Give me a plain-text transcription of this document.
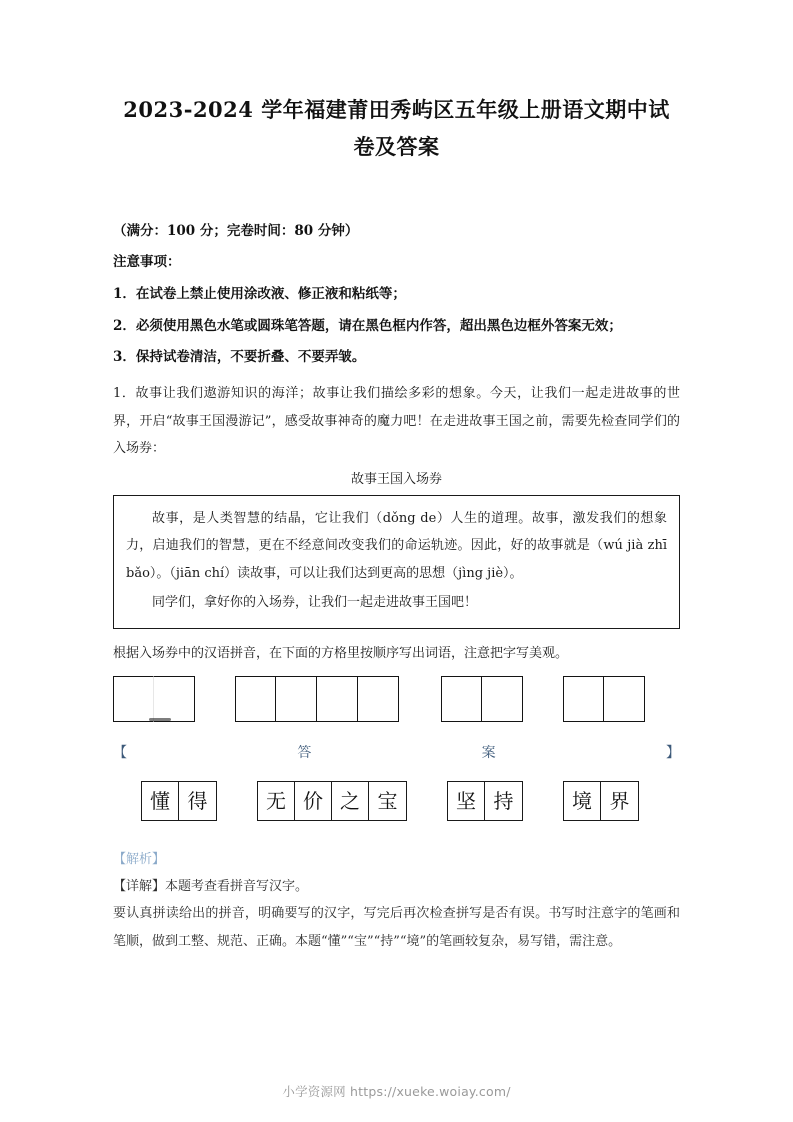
2023-2024 学年福建莆田秀屿区五年级上册语文期中试卷及答案
（满分：100 分；完卷时间：80 分钟）
注意事项：
1．在试卷上禁止使用涂改液、修正液和粘纸等；
2．必须使用黑色水笔或圆珠笔答题，请在黑色框内作答，超出黑色边框外答案无效；
3．保持试卷清洁，不要折叠、不要弄皱。
1．故事让我们遨游知识的海洋；故事让我们描绘多彩的想象。今天，让我们一起走进故事的世界，开启“故事王国漫游记”，感受故事神奇的魔力吧！在走进故事王国之前，需要先检查同学们的入场券：
故事王国入场券

故事，是人类智慧的结晶，它让我们（dǒng de）人生的道理。故事，激发我们的想象力，启迪我们的智慧，更在不经意间改变我们的命运轨迹。因此，好的故事就是（wú jià zhī bǎo）。（jiān chí）读故事，可以让我们达到更高的思想（jìng jiè）。

同学们，拿好你的入场券，让我们一起走进故事王国吧！

根据入场券中的汉语拼音，在下面的方格里按顺序写出词语，注意把字写美观。
【	答	案	】
懂 得	无 价 之 宝	坚 持	境 界
【解析】

【详解】本题考查看拼音写汉字。

要认真拼读给出的拼音，明确要写的汉字，写完后再次检查拼写是否有误。书写时注意字的笔画和笔顺，做到工整、规范、正确。本题“懂”“宝”“持”“境”的笔画较复杂，易写错，需注意。

小学资源网 https://xueke.woiay.com/
